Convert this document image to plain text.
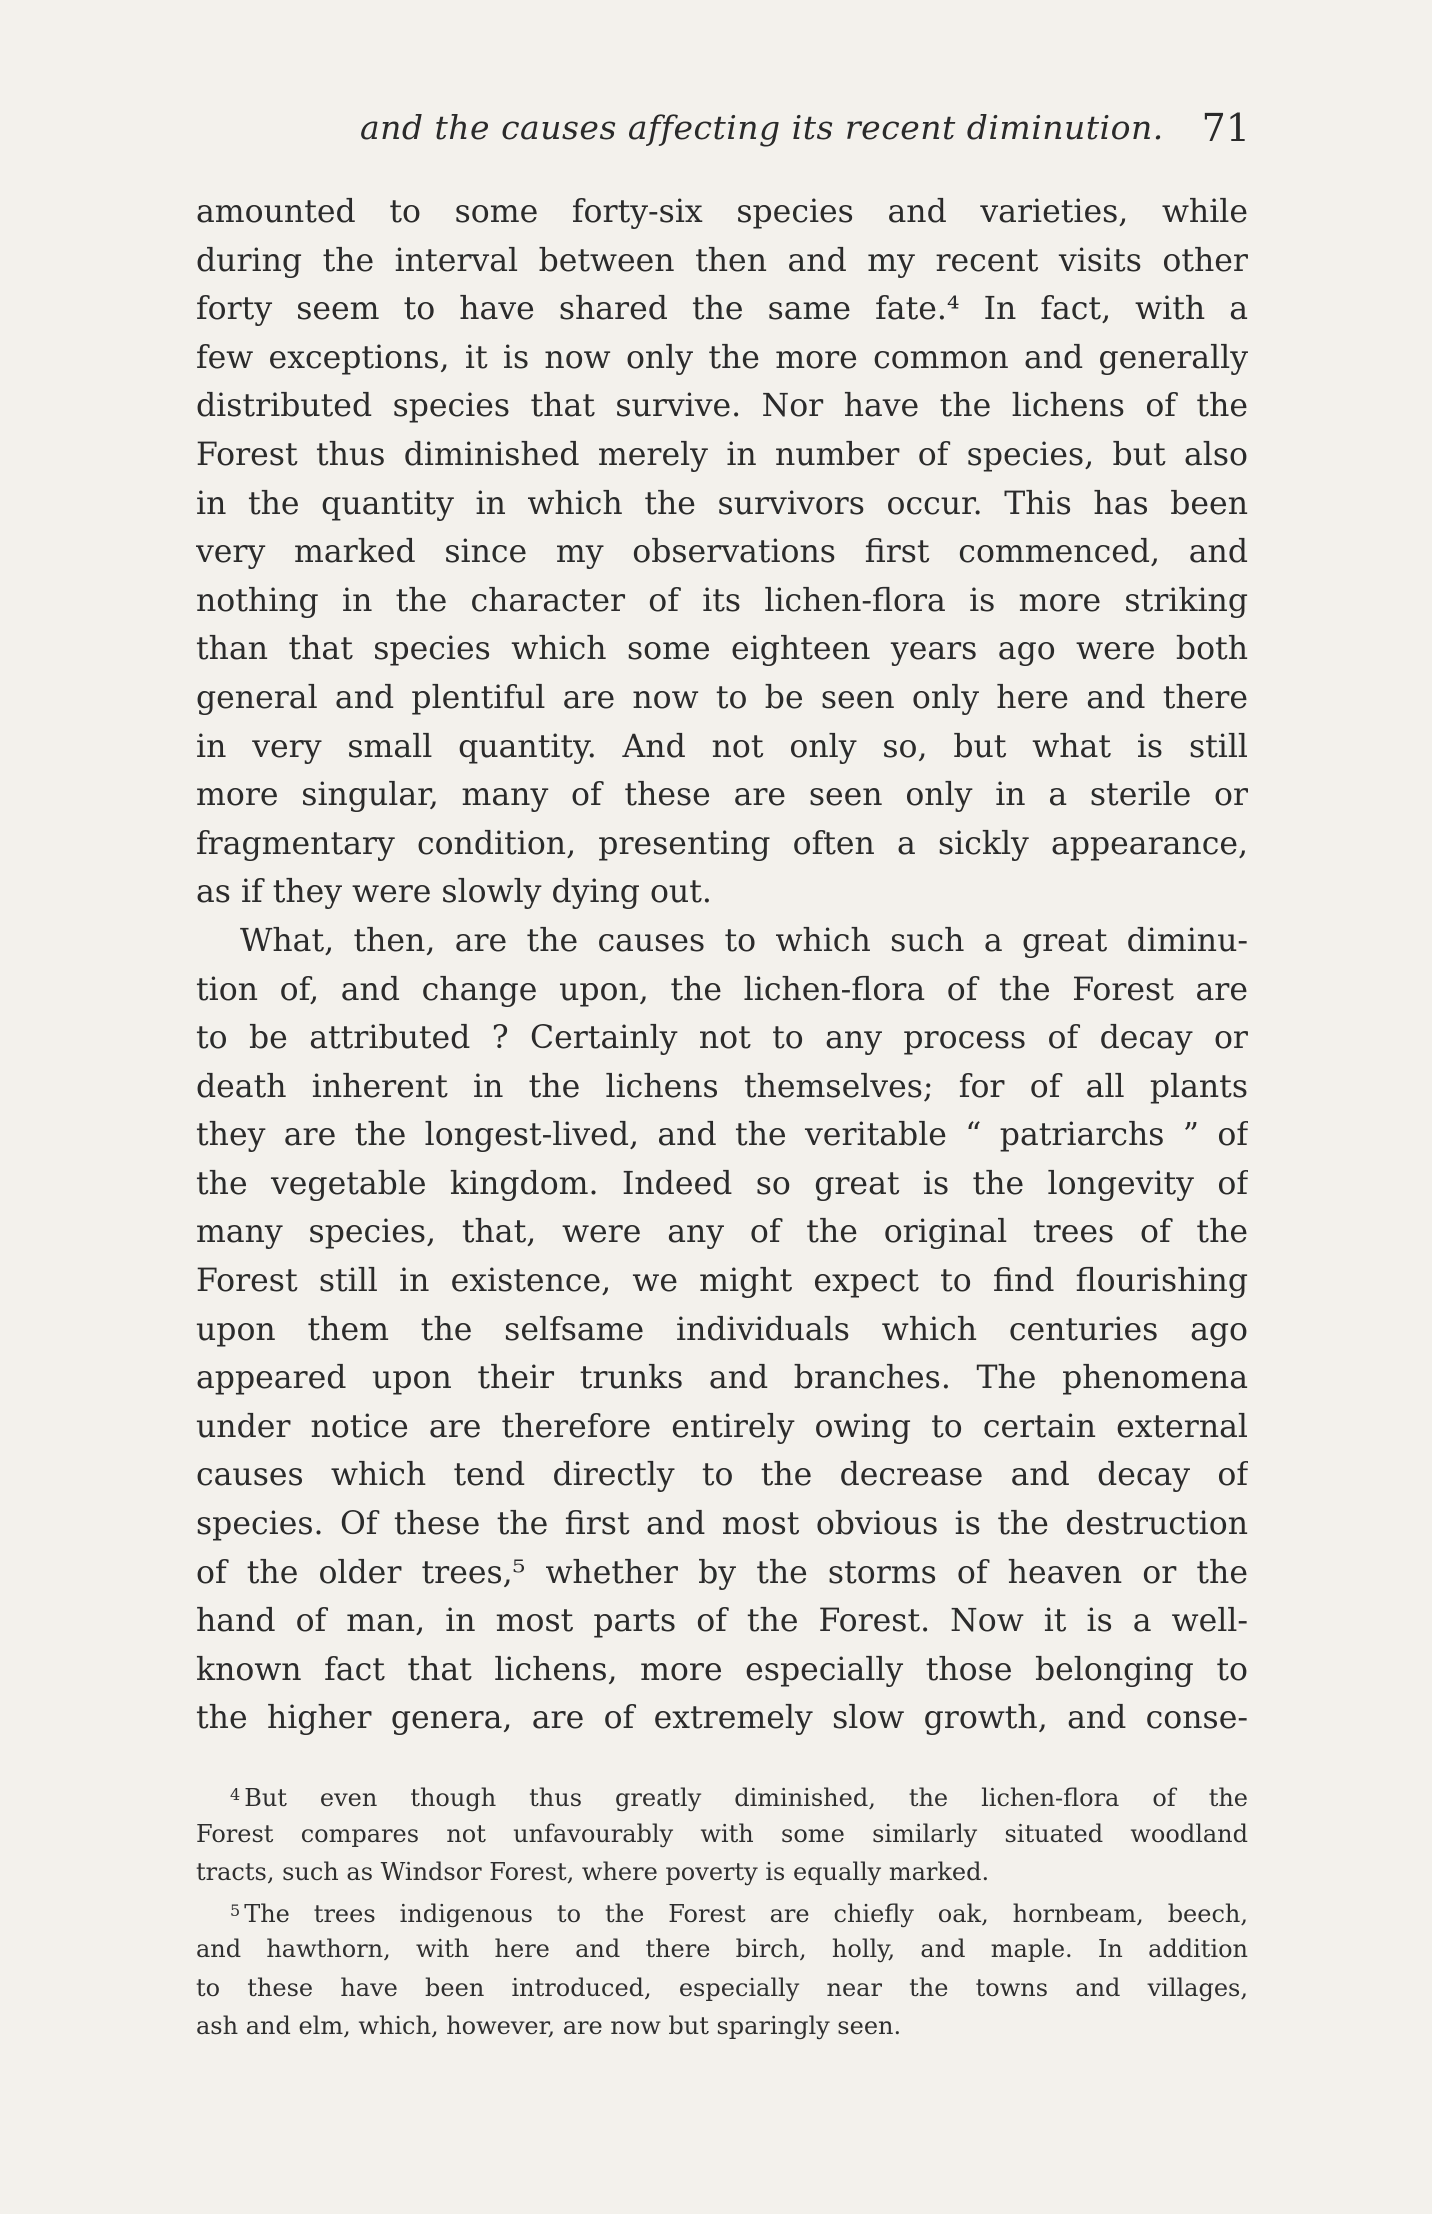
and the causes affecting its recent diminution. 71
amounted to some forty-six species and varieties, while
during the interval between then and my recent visits other
forty seem to have shared the same fate.⁴ In fact, with a
few exceptions, it is now only the more common and generally
distributed species that survive. Nor have the lichens of the
Forest thus diminished merely in number of species, but also
in the quantity in which the survivors occur. This has been
very marked since my observations first commenced, and
nothing in the character of its lichen-flora is more striking
than that species which some eighteen years ago were both
general and plentiful are now to be seen only here and there
in very small quantity. And not only so, but what is still
more singular, many of these are seen only in a sterile or
fragmentary condition, presenting often a sickly appearance,
as if they were slowly dying out.
What, then, are the causes to which such a great diminu-
tion of, and change upon, the lichen-flora of the Forest are
to be attributed ? Certainly not to any process of decay or
death inherent in the lichens themselves; for of all plants
they are the longest-lived, and the veritable “ patriarchs ” of
the vegetable kingdom. Indeed so great is the longevity of
many species, that, were any of the original trees of the
Forest still in existence, we might expect to find flourishing
upon them the selfsame individuals which centuries ago
appeared upon their trunks and branches. The phenomena
under notice are therefore entirely owing to certain external
causes which tend directly to the decrease and decay of
species. Of these the first and most obvious is the destruction
of the older trees,⁵ whether by the storms of heaven or the
hand of man, in most parts of the Forest. Now it is a well-
known fact that lichens, more especially those belonging to
the higher genera, are of extremely slow growth, and conse-
$^4$ But even though thus greatly diminished, the lichen-flora of the
Forest compares not unfavourably with some similarly situated woodland
tracts, such as Windsor Forest, where poverty is equally marked.
$^5$ The trees indigenous to the Forest are chiefly oak, hornbeam, beech,
and hawthorn, with here and there birch, holly, and maple. In addition
to these have been introduced, especially near the towns and villages,
ash and elm, which, however, are now but sparingly seen.
